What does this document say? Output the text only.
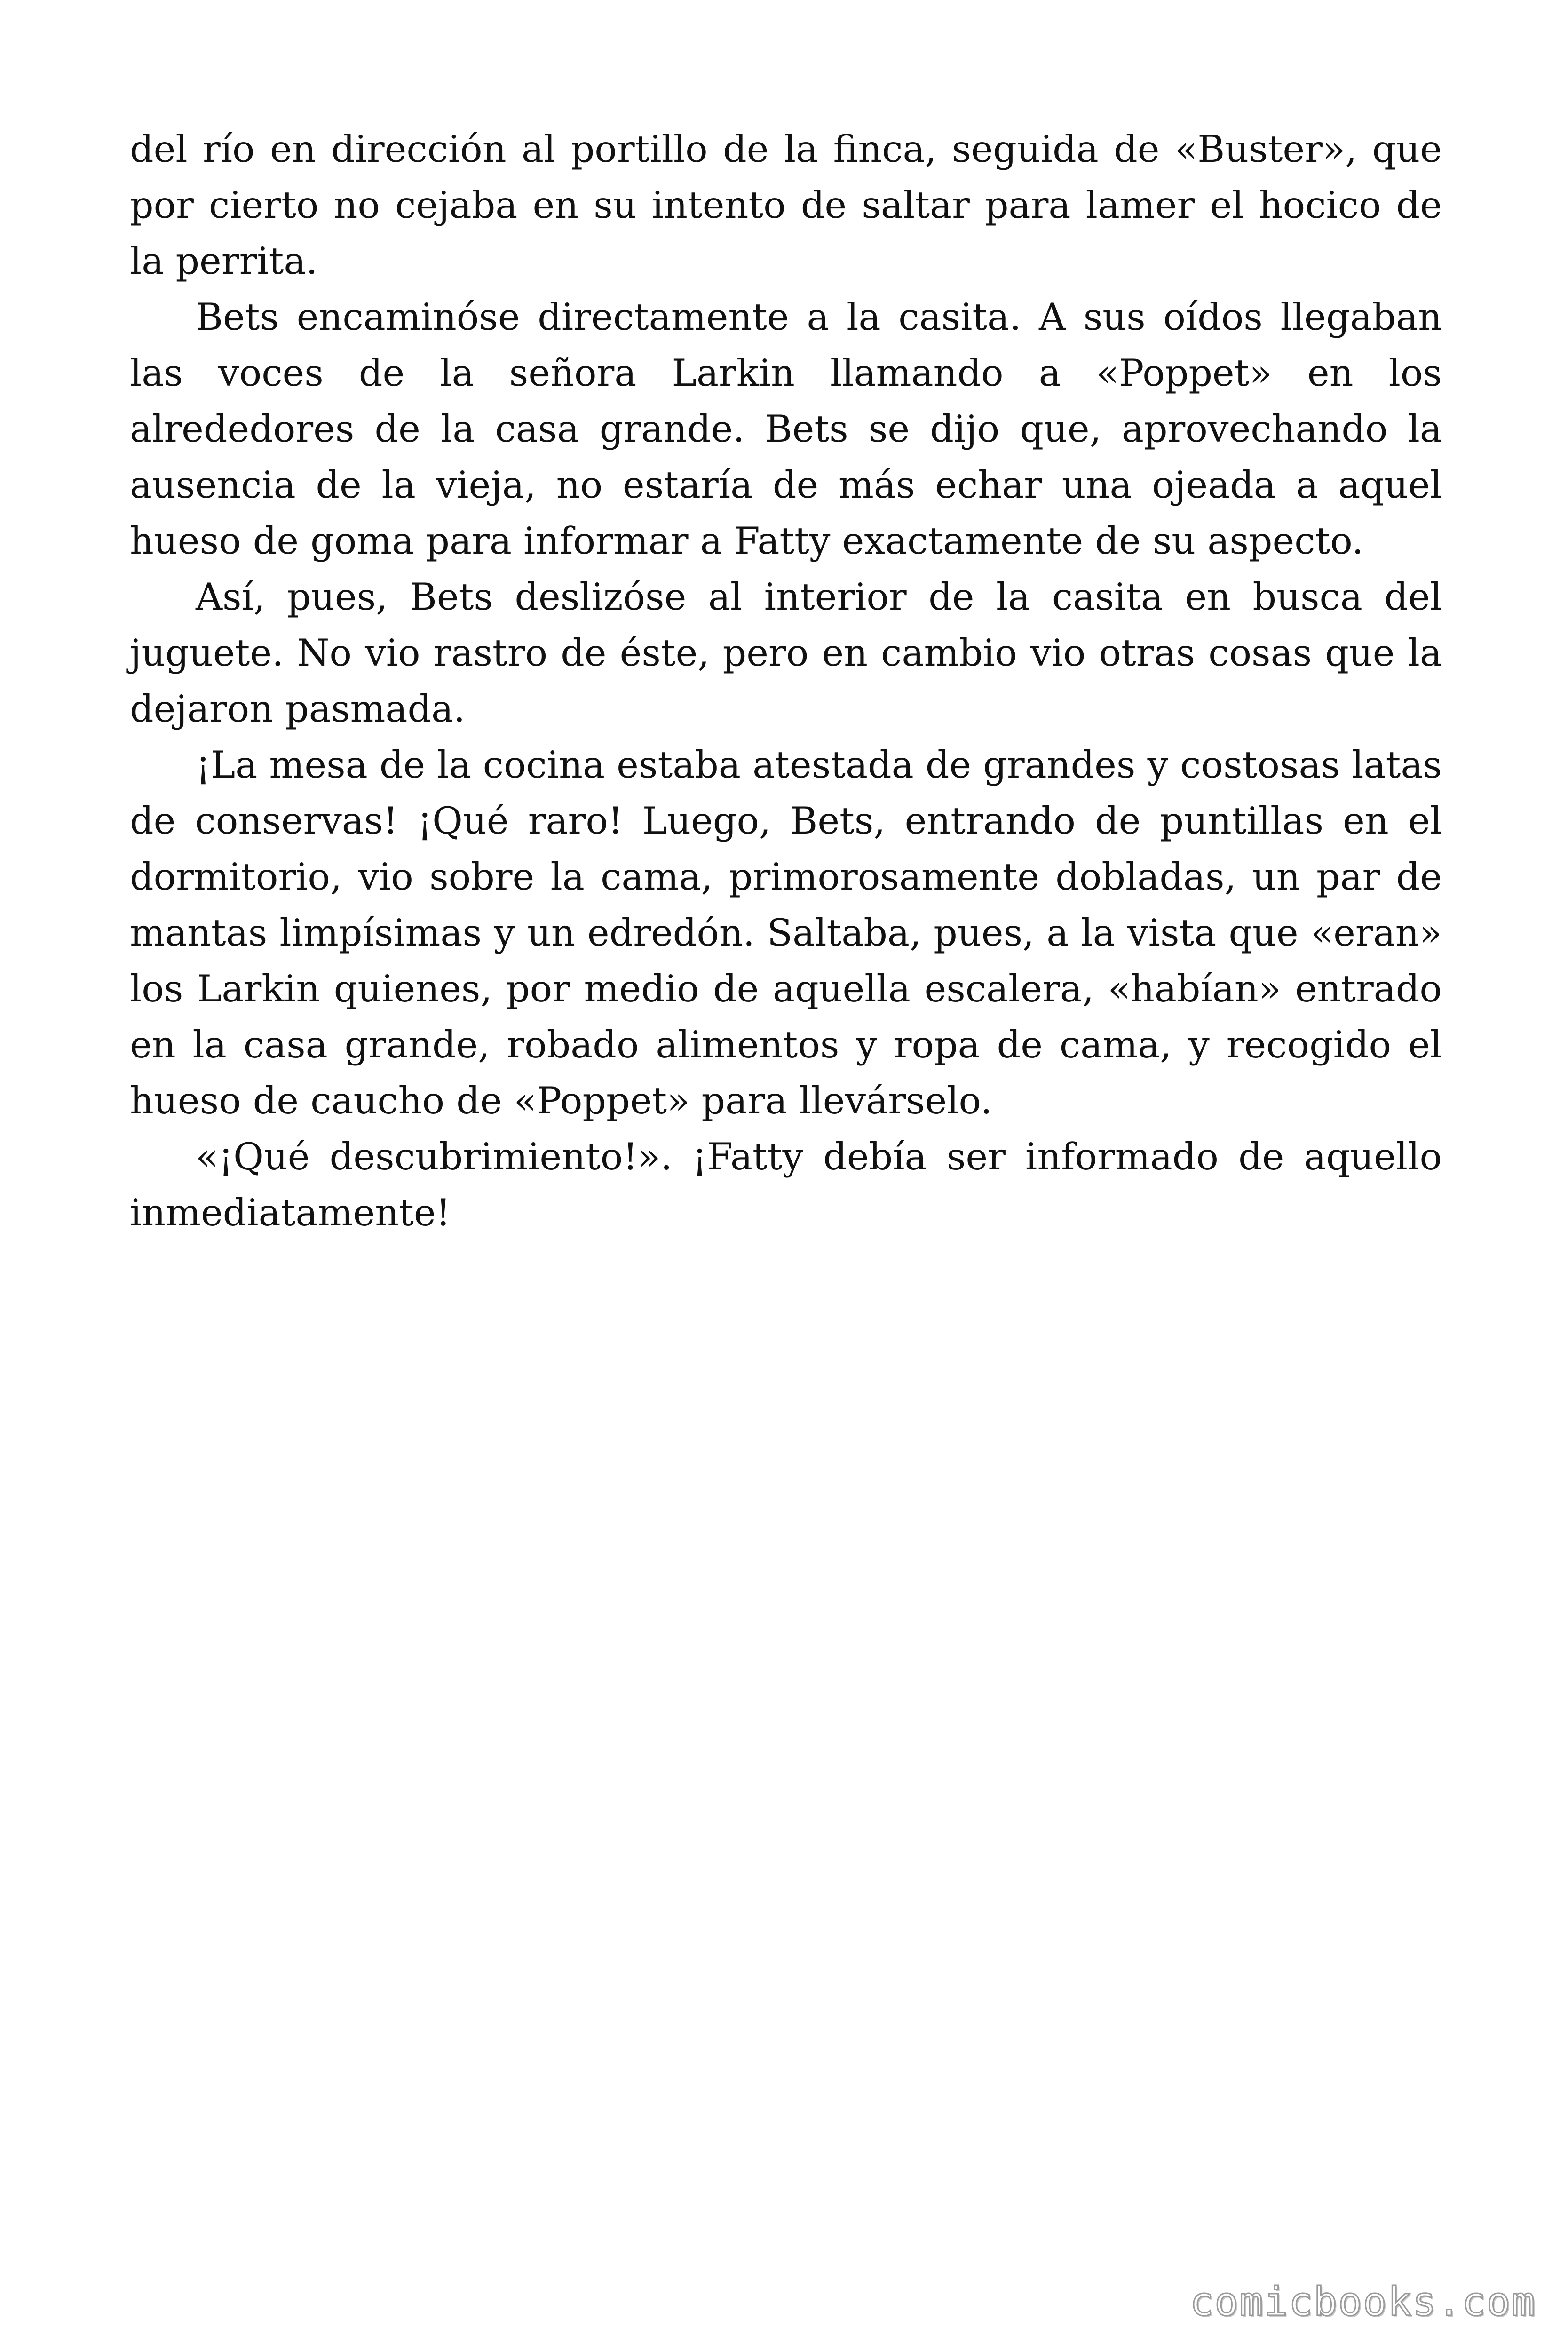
del río en dirección al portillo de la finca, seguida de «Buster», que por cierto no cejaba en su intento de saltar para lamer el hocico de la perrita.

Bets encaminóse directamente a la casita. A sus oídos llegaban las voces de la señora Larkin llamando a «Poppet» en los alrededores de la casa grande. Bets se dijo que, aprovechando la ausencia de la vieja, no estaría de más echar una ojeada a aquel hueso de goma para informar a Fatty exactamente de su aspecto.

Así, pues, Bets deslizóse al interior de la casita en busca del juguete. No vio rastro de éste, pero en cambio vio otras cosas que la dejaron pasmada.

¡La mesa de la cocina estaba atestada de grandes y costosas latas de conservas! ¡Qué raro! Luego, Bets, entrando de puntillas en el dormitorio, vio sobre la cama, primorosamente dobladas, un par de mantas limpísimas y un edredón. Saltaba, pues, a la vista que «eran» los Larkin quienes, por medio de aquella escalera, «habían» entrado en la casa grande, robado alimentos y ropa de cama, y recogido el hueso de caucho de «Poppet» para llevárselo.

«¡Qué descubrimiento!». ¡Fatty debía ser informado de aquello inmediatamente!

comicbooks.com
